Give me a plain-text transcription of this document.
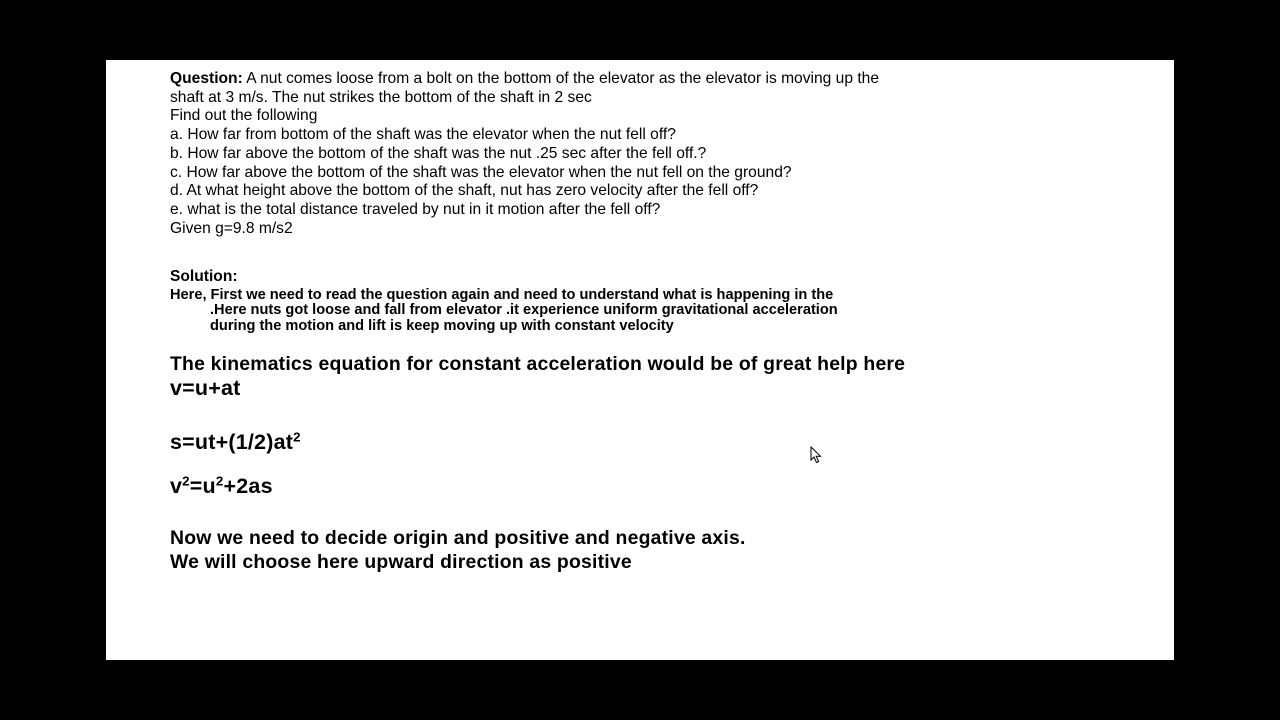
Question: A nut comes loose from a bolt on the bottom of the elevator as the elevator is moving up the
shaft at 3 m/s. The nut strikes the bottom of the shaft in 2 sec
Find out the following
a. How far from bottom of the shaft was the elevator when the nut fell off?
b. How far above the bottom of the shaft was the nut .25 sec after the fell off.?
c. How far above the bottom of the shaft was the elevator when the nut fell on the ground?
d. At what height above the bottom of the shaft, nut has zero velocity after the fell off?
e. what is the total distance traveled by nut in it motion after the fell off?
Given g=9.8 m/s2
Solution:
Here, First we need to read the question again and need to understand what is happening in the
.Here nuts got loose and fall from elevator .it experience uniform gravitational acceleration
during the motion and lift is keep moving up with constant velocity
The kinematics equation for constant acceleration would be of great help here
v=u+at
$s=ut+(1/2)at^2$
$v^2=u^2+2as$
Now we need to decide origin and positive and negative axis.
We will choose here upward direction as positive
